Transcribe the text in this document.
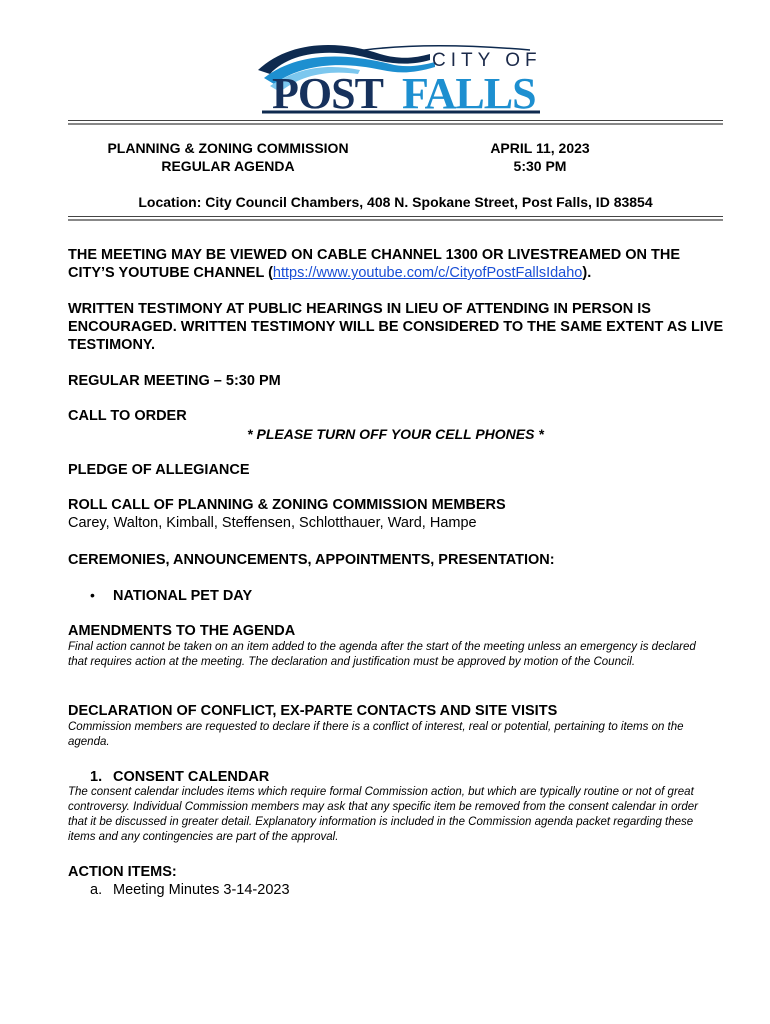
CITY OF
POST FALLS
PLANNING & ZONING COMMISSION
REGULAR AGENDA
APRIL 11, 2023
5:30 PM
Location: City Council Chambers, 408 N. Spokane Street, Post Falls, ID 83854
THE MEETING MAY BE VIEWED ON CABLE CHANNEL 1300 OR LIVESTREAMED ON THE CITY’S YOUTUBE CHANNEL (https://www.youtube.com/c/CityofPostFallsIdaho).
WRITTEN TESTIMONY AT PUBLIC HEARINGS IN LIEU OF ATTENDING IN PERSON IS ENCOURAGED. WRITTEN TESTIMONY WILL BE CONSIDERED TO THE SAME EXTENT AS LIVE TESTIMONY.
REGULAR MEETING – 5:30 PM
CALL TO ORDER
* PLEASE TURN OFF YOUR CELL PHONES *
PLEDGE OF ALLEGIANCE
ROLL CALL OF PLANNING & ZONING COMMISSION MEMBERS
Carey, Walton, Kimball, Steffensen, Schlotthauer, Ward, Hampe
CEREMONIES, ANNOUNCEMENTS, APPOINTMENTS, PRESENTATION:
• NATIONAL PET DAY
AMENDMENTS TO THE AGENDA
Final action cannot be taken on an item added to the agenda after the start of the meeting unless an emergency is declared that requires action at the meeting. The declaration and justification must be approved by motion of the Council.
DECLARATION OF CONFLICT, EX-PARTE CONTACTS AND SITE VISITS
Commission members are requested to declare if there is a conflict of interest, real or potential, pertaining to items on the agenda.
1. CONSENT CALENDAR
The consent calendar includes items which require formal Commission action, but which are typically routine or not of great controversy. Individual Commission members may ask that any specific item be removed from the consent calendar in order that it be discussed in greater detail. Explanatory information is included in the Commission agenda packet regarding these items and any contingencies are part of the approval.
ACTION ITEMS:
a. Meeting Minutes 3-14-2023
